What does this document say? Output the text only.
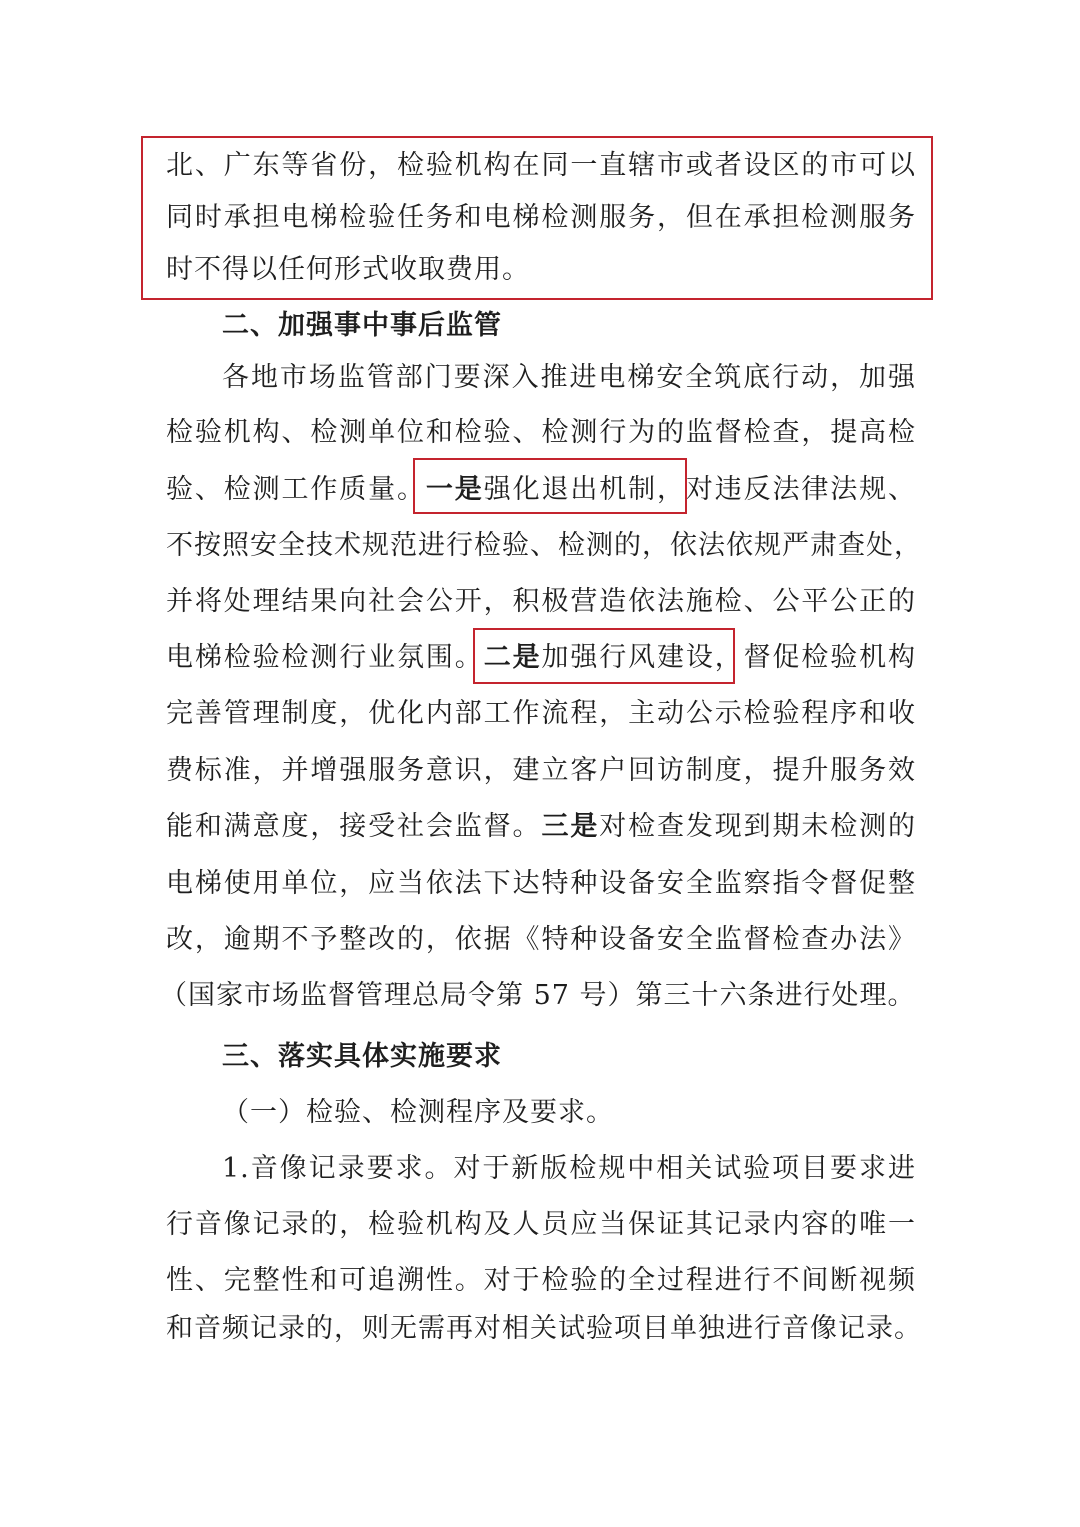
北、广东等省份，检验机构在同一直辖市或者设区的市可以
同时承担电梯检验任务和电梯检测服务，但在承担检测服务
时不得以任何形式收取费用。
二、加强事中事后监管
各地市场监管部门要深入推进电梯安全筑底行动，加强
检验机构、检测单位和检验、检测行为的监督检查，提高检
验、检测工作质量。一是强化退出机制，对违反法律法规、
不按照安全技术规范进行检验、检测的，依法依规严肃查处，
并将处理结果向社会公开，积极营造依法施检、公平公正的
电梯检验检测行业氛围。二是加强行风建设，督促检验机构
完善管理制度，优化内部工作流程，主动公示检验程序和收
费标准，并增强服务意识，建立客户回访制度，提升服务效
能和满意度，接受社会监督。三是对检查发现到期未检测的
电梯使用单位，应当依法下达特种设备安全监察指令督促整
改，逾期不予整改的，依据《特种设备安全监督检查办法》
（国家市场监督管理总局令第 57 号）第三十六条进行处理。
三、落实具体实施要求
（一）检验、检测程序及要求。
1.音像记录要求。对于新版检规中相关试验项目要求进
行音像记录的，检验机构及人员应当保证其记录内容的唯一
性、完整性和可追溯性。对于检验的全过程进行不间断视频
和音频记录的，则无需再对相关试验项目单独进行音像记录。
